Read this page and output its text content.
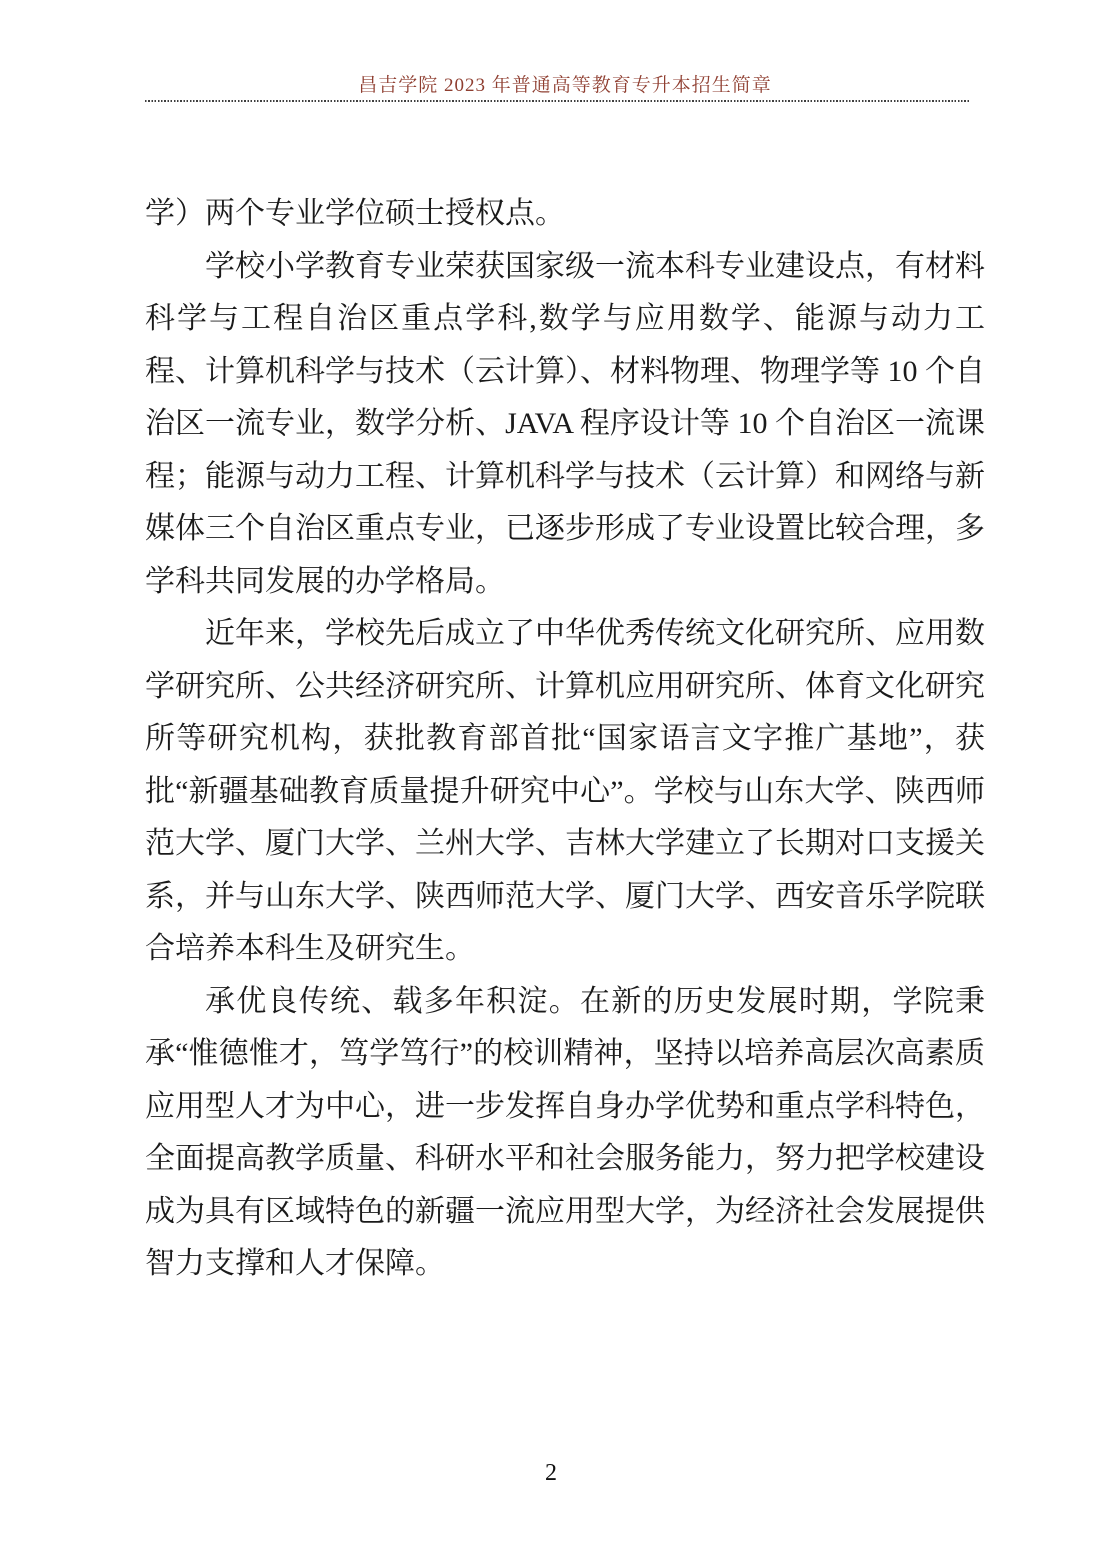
昌吉学院 2023 年普通高等教育专升本招生简章

学）两个专业学位硕士授权点。

学校小学教育专业荣获国家级一流本科专业建设点，有材料科学与工程自治区重点学科,数学与应用数学、能源与动力工程、计算机科学与技术（云计算）、材料物理、物理学等 10 个自治区一流专业，数学分析、JAVA 程序设计等 10 个自治区一流课程；能源与动力工程、计算机科学与技术（云计算）和网络与新媒体三个自治区重点专业，已逐步形成了专业设置比较合理，多学科共同发展的办学格局。

近年来，学校先后成立了中华优秀传统文化研究所、应用数学研究所、公共经济研究所、计算机应用研究所、体育文化研究所等研究机构，获批教育部首批“国家语言文字推广基地”，获批“新疆基础教育质量提升研究中心”。学校与山东大学、陕西师范大学、厦门大学、兰州大学、吉林大学建立了长期对口支援关系，并与山东大学、陕西师范大学、厦门大学、西安音乐学院联合培养本科生及研究生。

承优良传统、载多年积淀。在新的历史发展时期，学院秉承“惟德惟才，笃学笃行”的校训精神，坚持以培养高层次高素质应用型人才为中心，进一步发挥自身办学优势和重点学科特色，全面提高教学质量、科研水平和社会服务能力，努力把学校建设成为具有区域特色的新疆一流应用型大学，为经济社会发展提供智力支撑和人才保障。

2
